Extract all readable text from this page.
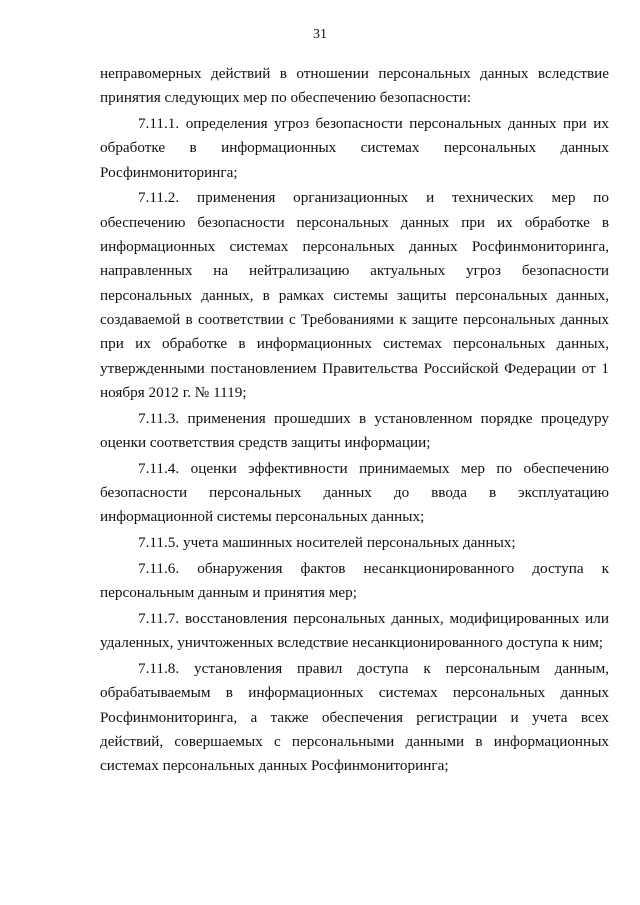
31

неправомерных действий в отношении персональных данных вследствие принятия следующих мер по обеспечению безопасности:

7.11.1. определения угроз безопасности персональных данных при их обработке в информационных системах персональных данных Росфинмониторинга;

7.11.2. применения организационных и технических мер по обеспечению безопасности персональных данных при их обработке в информационных системах персональных данных Росфинмониторинга, направленных на нейтрализацию актуальных угроз безопасности персональных данных, в рамках системы защиты персональных данных, создаваемой в соответствии с Требованиями к защите персональных данных при их обработке в информационных системах персональных данных, утвержденными постановлением Правительства Российской Федерации от 1 ноября 2012 г. № 1119;

7.11.3. применения прошедших в установленном порядке процедуру оценки соответствия средств защиты информации;

7.11.4. оценки эффективности принимаемых мер по обеспечению безопасности персональных данных до ввода в эксплуатацию информационной системы персональных данных;

7.11.5. учета машинных носителей персональных данных;

7.11.6. обнаружения фактов несанкционированного доступа к персональным данным и принятия мер;

7.11.7. восстановления персональных данных, модифицированных или удаленных, уничтоженных вследствие несанкционированного доступа к ним;

7.11.8. установления правил доступа к персональным данным, обрабатываемым в информационных системах персональных данных Росфинмониторинга, а также обеспечения регистрации и учета всех действий, совершаемых с персональными данными в информационных системах персональных данных Росфинмониторинга;
